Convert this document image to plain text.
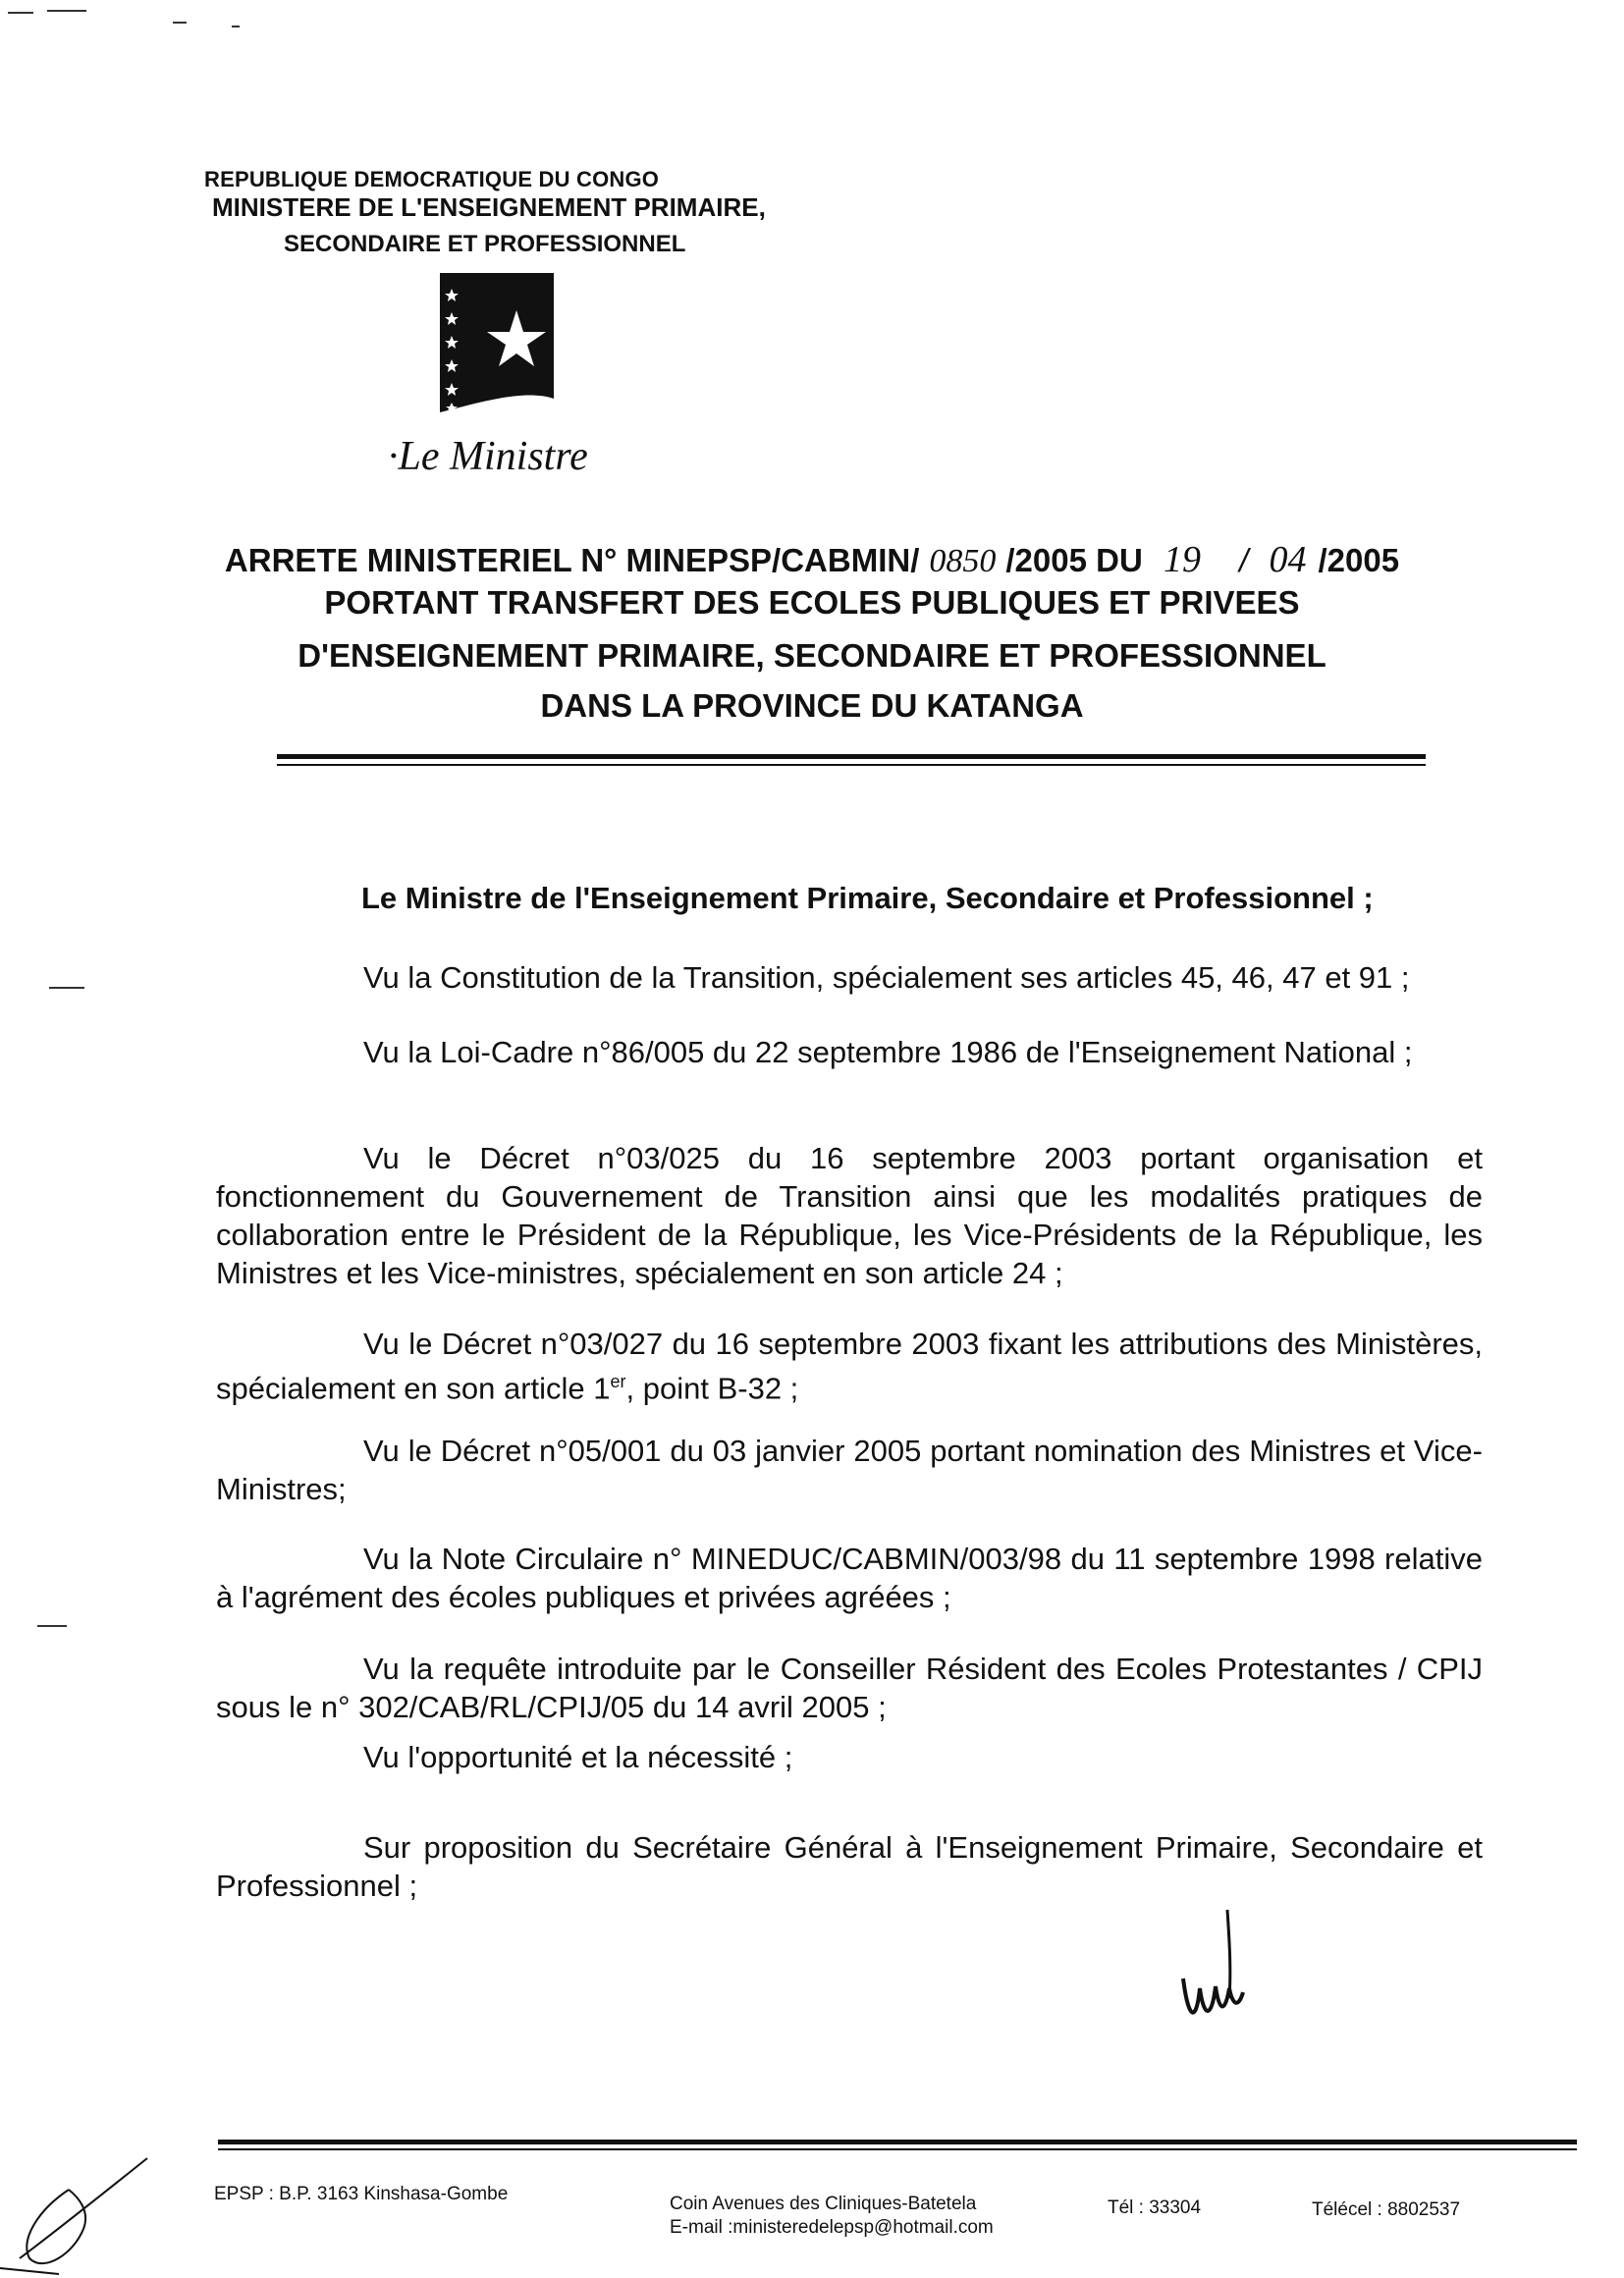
REPUBLIQUE DEMOCRATIQUE DU CONGO
MINISTERE DE L'ENSEIGNEMENT PRIMAIRE,
SECONDAIRE ET PROFESSIONNEL
·Le Ministre
ARRETE MINISTERIEL N° MINEPSP/CABMIN/ 0850 /2005 DU 19 / 04 /2005
PORTANT TRANSFERT DES ECOLES PUBLIQUES ET PRIVEES
D'ENSEIGNEMENT PRIMAIRE, SECONDAIRE ET PROFESSIONNEL
DANS LA PROVINCE DU KATANGA
Le Ministre de l'Enseignement Primaire, Secondaire et Professionnel ;
Vu la Constitution de la Transition, spécialement ses articles 45, 46, 47 et 91 ;
Vu la Loi-Cadre n°86/005 du 22 septembre 1986 de l'Enseignement National ;
Vu le Décret n°03/025 du 16 septembre 2003 portant organisation et fonctionnement du Gouvernement de Transition ainsi que les modalités pratiques de collaboration entre le Président de la République, les Vice-Présidents de la République, les Ministres et les Vice-ministres, spécialement en son article 24 ;
Vu le Décret n°03/027 du 16 septembre 2003 fixant les attributions des Ministères, spécialement en son article 1er, point B-32 ;
Vu le Décret n°05/001 du 03 janvier 2005 portant nomination des Ministres et Vice-Ministres;
Vu la Note Circulaire n° MINEDUC/CABMIN/003/98 du 11 septembre 1998 relative à l'agrément des écoles publiques et privées agréées ;
Vu la requête introduite par le Conseiller Résident des Ecoles Protestantes / CPIJ sous le n° 302/CAB/RL/CPIJ/05 du 14 avril 2005 ;
Vu l'opportunité et la nécessité ;
Sur proposition du Secrétaire Général à l'Enseignement Primaire, Secondaire et Professionnel ;
EPSP : B.P. 3163 Kinshasa-Gombe	Coin Avenues des Cliniques-Batetela
E-mail :ministeredelepsp@hotmail.com
Tél : 33304	Télécel : 8802537
